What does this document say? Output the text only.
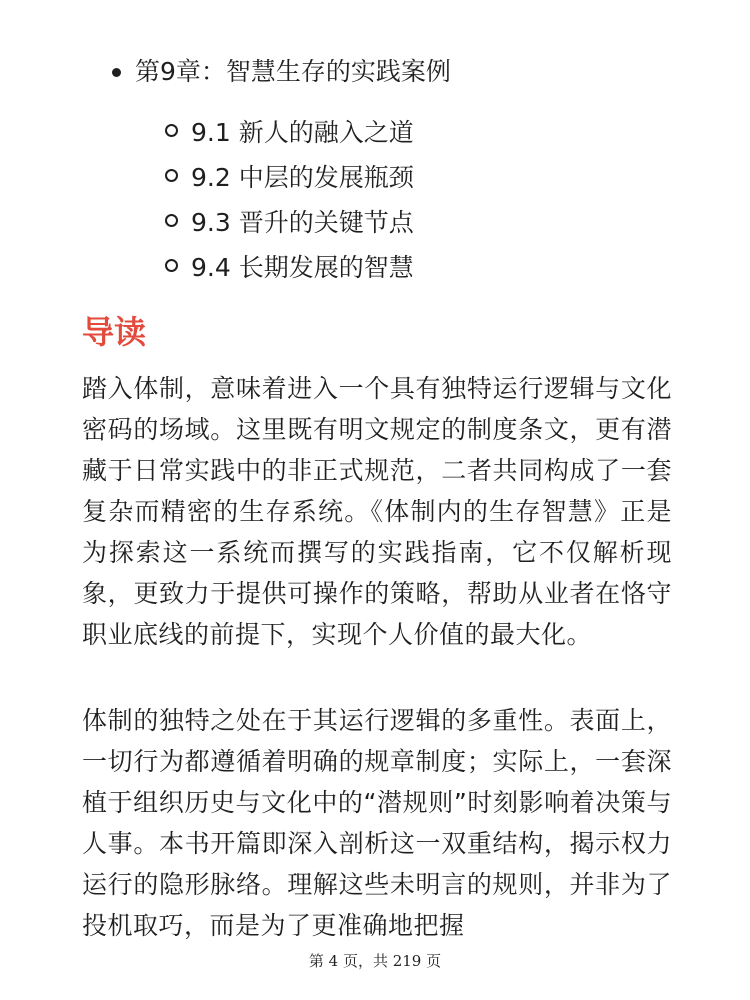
第9章：智慧生存的实践案例
9.1 新人的融入之道
9.2 中层的发展瓶颈
9.3 晋升的关键节点
9.4 长期发展的智慧
导读

踏入体制，意味着进入一个具有独特运行逻辑与文化密码的场域。这里既有明文规定的制度条文，更有潜藏于日常实践中的非正式规范，二者共同构成了一套复杂而精密的生存系统。《体制内的生存智慧》正是为探索这一系统而撰写的实践指南，它不仅解析现象，更致力于提供可操作的策略，帮助从业者在恪守职业底线的前提下，实现个人价值的最大化。

体制的独特之处在于其运行逻辑的多重性。表面上，一切行为都遵循着明确的规章制度；实际上，一套深植于组织历史与文化中的“潜规则”时刻影响着决策与人事。本书开篇即深入剖析这一双重结构，揭示权力运行的隐形脉络。理解这些未明言的规则，并非为了投机取巧，而是为了更准确地把握

第 4 页，共 219 页
